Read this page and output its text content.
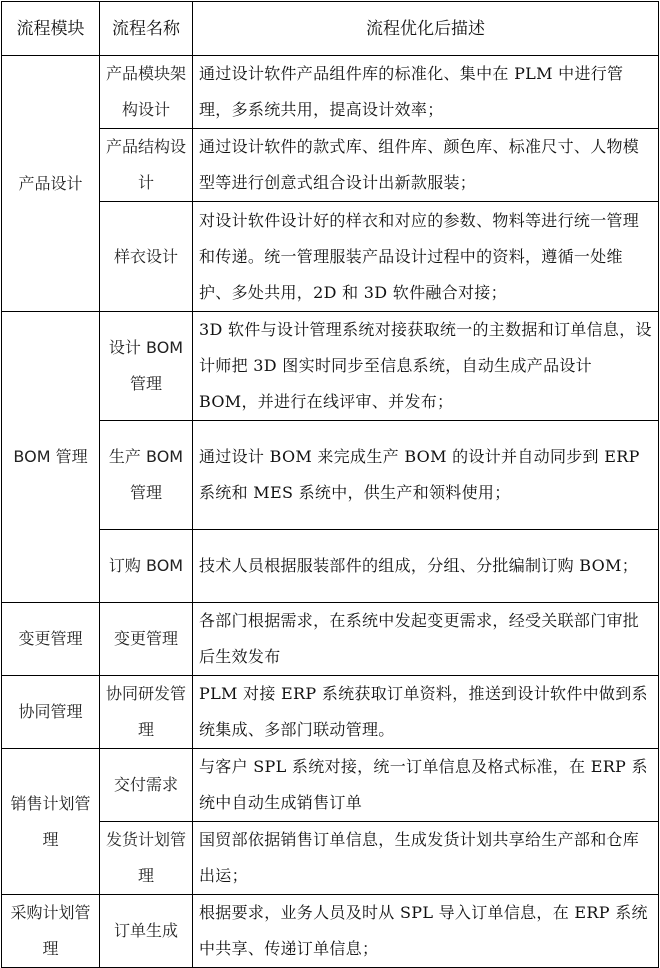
流程模块	流程名称	流程优化后描述
产品设计	产品模块架构设计	通过设计软件产品组件库的标准化、集中在 PLM 中进行管理，多系统共用，提高设计效率；
	产品结构设计	通过设计软件的款式库、组件库、颜色库、标准尺寸、人物模型等进行创意式组合设计出新款服装；
	样衣设计	对设计软件设计好的样衣和对应的参数、物料等进行统一管理和传递。统一管理服装产品设计过程中的资料，遵循一处维护、多处共用，2D 和 3D 软件融合对接；
BOM 管理	设计 BOM 管理	3D 软件与设计管理系统对接获取统一的主数据和订单信息，设计师把 3D 图实时同步至信息系统，自动生成产品设计 BOM，并进行在线评审、并发布；
	生产 BOM 管理	通过设计 BOM 来完成生产 BOM 的设计并自动同步到 ERP 系统和 MES 系统中，供生产和领料使用；
	订购 BOM	技术人员根据服装部件的组成，分组、分批编制订购 BOM；
变更管理	变更管理	各部门根据需求，在系统中发起变更需求，经受关联部门审批后生效发布
协同管理	协同研发管理	PLM 对接 ERP 系统获取订单资料，推送到设计软件中做到系统集成、多部门联动管理。
销售计划管理	交付需求	与客户 SPL 系统对接，统一订单信息及格式标准，在 ERP 系统中自动生成销售订单
	发货计划管理	国贸部依据销售订单信息，生成发货计划共享给生产部和仓库出运；
采购计划管理	订单生成	根据要求，业务人员及时从 SPL 导入订单信息，在 ERP 系统中共享、传递订单信息；
